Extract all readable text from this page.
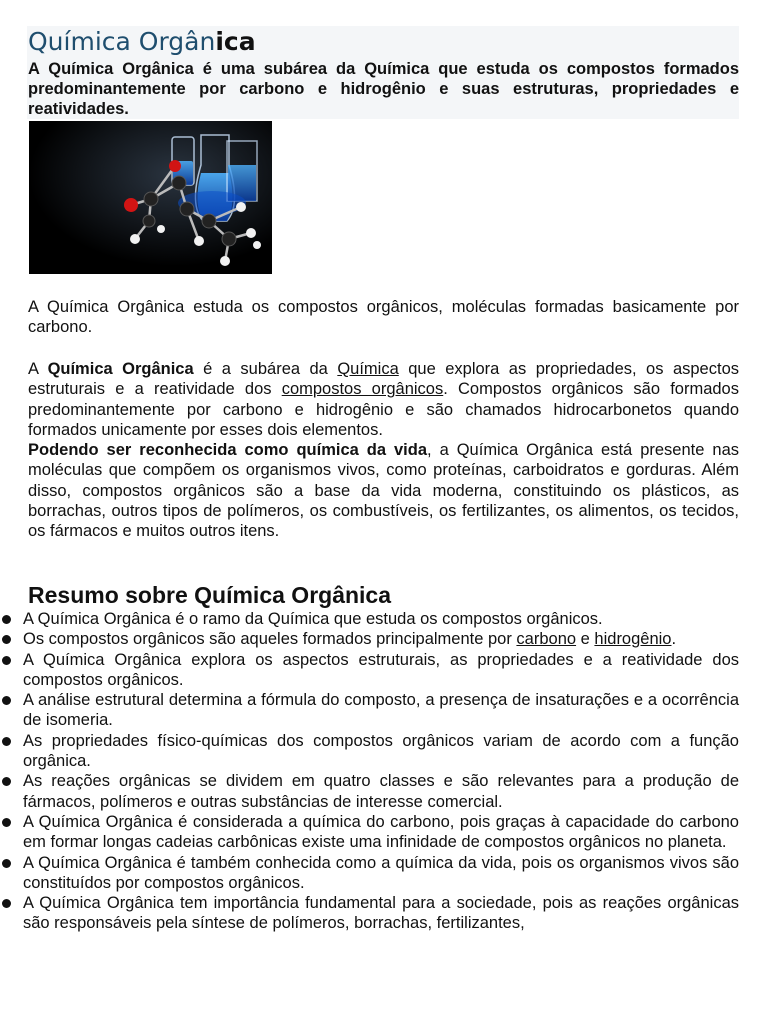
Química Orgânica

A Química Orgânica é uma subárea da Química que estuda os compostos formados predominantemente por carbono e hidrogênio e suas estruturas, propriedades e reatividades.

A Química Orgânica estuda os compostos orgânicos, moléculas formadas basicamente por carbono.

A Química Orgânica é a subárea da Química que explora as propriedades, os aspectos estruturais e a reatividade dos compostos orgânicos. Compostos orgânicos são formados predominantemente por carbono e hidrogênio e são chamados hidrocarbonetos quando formados unicamente por esses dois elementos.

Podendo ser reconhecida como química da vida, a Química Orgânica está presente nas moléculas que compõem os organismos vivos, como proteínas, carboidratos e gorduras. Além disso, compostos orgânicos são a base da vida moderna, constituindo os plásticos, as borrachas, outros tipos de polímeros, os combustíveis, os fertilizantes, os alimentos, os tecidos, os fármacos e muitos outros itens.

Resumo sobre Química Orgânica
A Química Orgânica é o ramo da Química que estuda os compostos orgânicos.
Os compostos orgânicos são aqueles formados principalmente por carbono e hidrogênio.
A Química Orgânica explora os aspectos estruturais, as propriedades e a reatividade dos compostos orgânicos.
A análise estrutural determina a fórmula do composto, a presença de insaturações e a ocorrência de isomeria.
As propriedades físico-químicas dos compostos orgânicos variam de acordo com a função orgânica.
As reações orgânicas se dividem em quatro classes e são relevantes para a produção de fármacos, polímeros e outras substâncias de interesse comercial.
A Química Orgânica é considerada a química do carbono, pois graças à capacidade do carbono em formar longas cadeias carbônicas existe uma infinidade de compostos orgânicos no planeta.
A Química Orgânica é também conhecida como a química da vida, pois os organismos vivos são constituídos por compostos orgânicos.
A Química Orgânica tem importância fundamental para a sociedade, pois as reações orgânicas são responsáveis pela síntese de polímeros, borrachas, fertilizantes,
